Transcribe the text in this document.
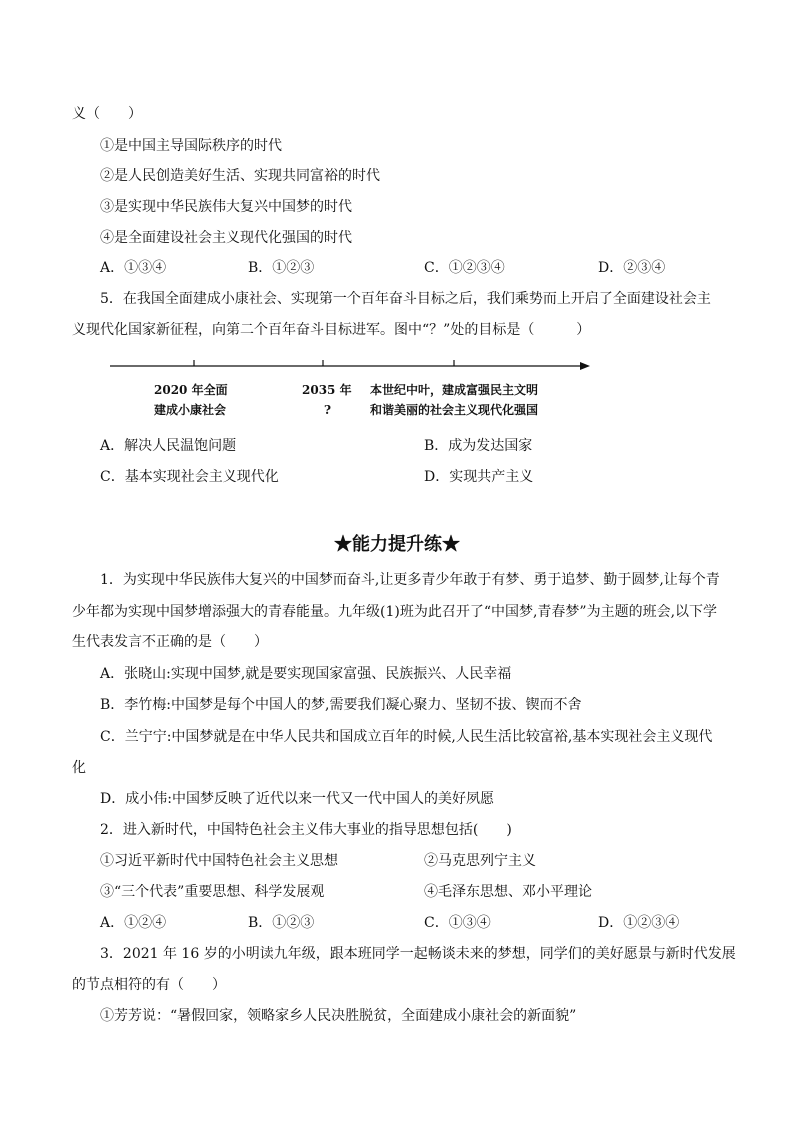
义（　　）
①是中国主导国际秩序的时代
②是人民创造美好生活、实现共同富裕的时代
③是实现中华民族伟大复兴中国梦的时代
④是全面建设社会主义现代化强国的时代
A．①③④	B．①②③	C．①②③④	D．②③④
5．在我国全面建成小康社会、实现第一个百年奋斗目标之后，我们乘势而上开启了全面建设社会主
义现代化国家新征程，向第二个百年奋斗目标进军。图中“？”处的目标是（　　　）
2020 年全面
建成小康社会
2035 年
?
本世纪中叶，建成富强民主文明
和谐美丽的社会主义现代化强国
A．解决人民温饱问题	B．成为发达国家
C．基本实现社会主义现代化	D．实现共产主义
★能力提升练★
1．为实现中华民族伟大复兴的中国梦而奋斗,让更多青少年敢于有梦、勇于追梦、勤于圆梦,让每个青
少年都为实现中国梦增添强大的青春能量。九年级(1)班为此召开了“中国梦,青春梦”为主题的班会,以下学
生代表发言不正确的是（　　）
A．张晓山:实现中国梦,就是要实现国家富强、民族振兴、人民幸福
B．李竹梅:中国梦是每个中国人的梦,需要我们凝心聚力、坚韧不拔、锲而不舍
C．兰宁宁:中国梦就是在中华人民共和国成立百年的时候,人民生活比较富裕,基本实现社会主义现代
化
D．成小伟:中国梦反映了近代以来一代又一代中国人的美好夙愿
2．进入新时代，中国特色社会主义伟大事业的指导思想包括(　　)
①习近平新时代中国特色社会主义思想	②马克思列宁主义
③“三个代表”重要思想、科学发展观	④毛泽东思想、邓小平理论
A．①②④	B．①②③	C．①③④	D．①②③④
3．2021 年 16 岁的小明读九年级，跟本班同学一起畅谈未来的梦想，同学们的美好愿景与新时代发展
的节点相符的有（　　）
①芳芳说：“暑假回家，领略家乡人民决胜脱贫，全面建成小康社会的新面貌”
